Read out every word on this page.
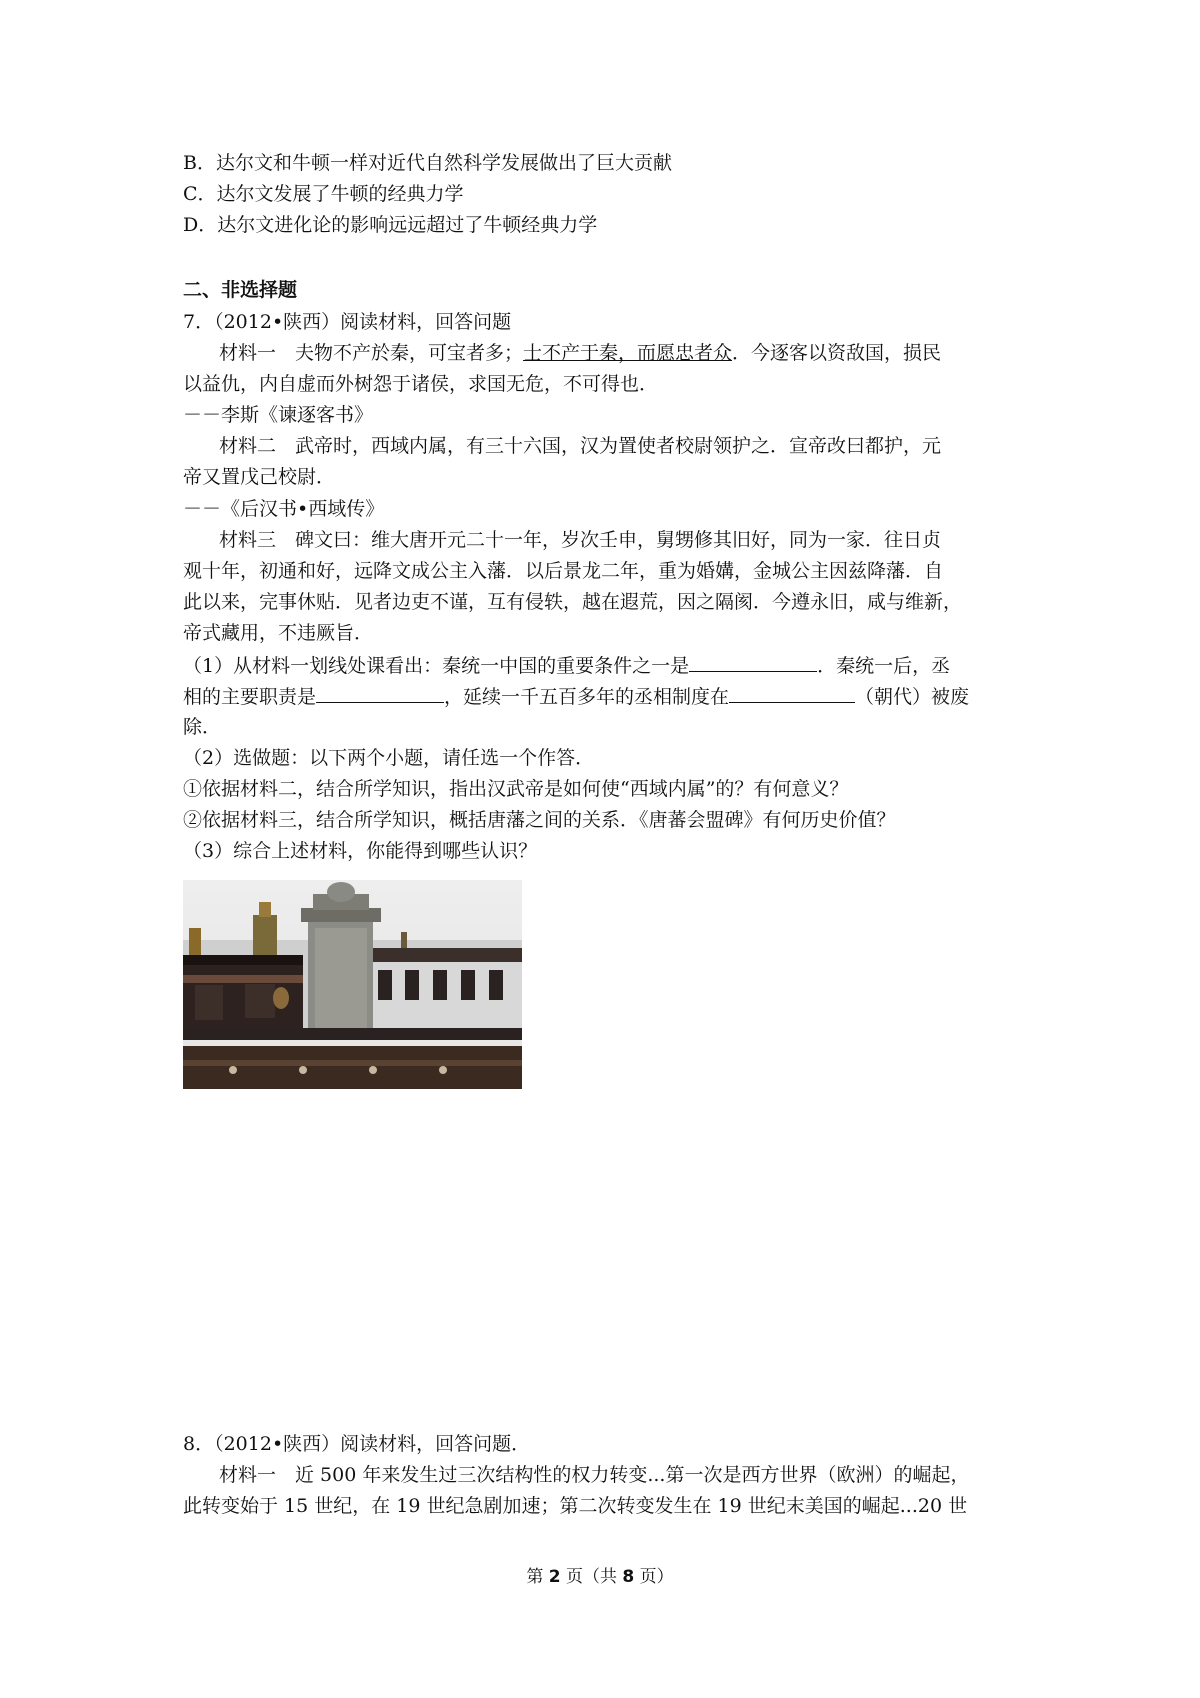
B．达尔文和牛顿一样对近代自然科学发展做出了巨大贡献
C．达尔文发展了牛顿的经典力学
D．达尔文进化论的影响远远超过了牛顿经典力学
二、非选择题
7．（2012•陕西）阅读材料，回答问题
材料一　夫物不产於秦，可宝者多；士不产于秦，而愿忠者众．今逐客以资敌国，损民
以益仇，内自虚而外树怨于诸侯，求国无危，不可得也．
－－李斯《谏逐客书》
材料二　武帝时，西域内属，有三十六国，汉为置使者校尉领护之．宣帝改曰都护，元
帝又置戊己校尉．
－－《后汉书•西域传》
材料三　碑文曰：维大唐开元二十一年，岁次壬申，舅甥修其旧好，同为一家．往日贞
观十年，初通和好，远降文成公主入藩．以后景龙二年，重为婚媾，金城公主因兹降藩．自
此以来，完事休贴．见者边吏不谨，互有侵轶，越在遐荒，因之隔阂．今遵永旧，咸与维新，
帝式藏用，不违厥旨．
（1）从材料一划线处课看出：秦统一中国的重要条件之一是	．秦统一后，丞
相的主要职责是	，延续一千五百多年的丞相制度在	（朝代）被废
除．
（2）选做题：以下两个小题，请任选一个作答．
①依据材料二，结合所学知识，指出汉武帝是如何使“西域内属”的？有何意义？
②依据材料三，结合所学知识，概括唐藩之间的关系．《唐蕃会盟碑》有何历史价值？
（3）综合上述材料，你能得到哪些认识？
8．（2012•陕西）阅读材料，回答问题．
材料一　近 500 年来发生过三次结构性的权力转变...第一次是西方世界（欧洲）的崛起，
此转变始于 15 世纪，在 19 世纪急剧加速；第二次转变发生在 19 世纪末美国的崛起...20 世
第 2 页（共 8 页）
